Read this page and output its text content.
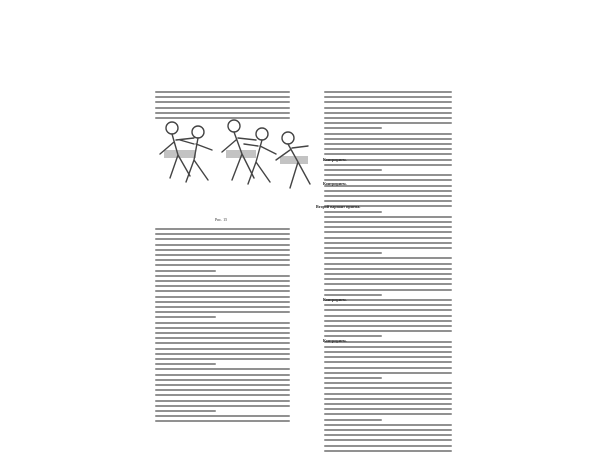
Рис. 15
Контрприем.
Контрприем.
Второй вариант приема.
Контрприем.
Контрприем.
